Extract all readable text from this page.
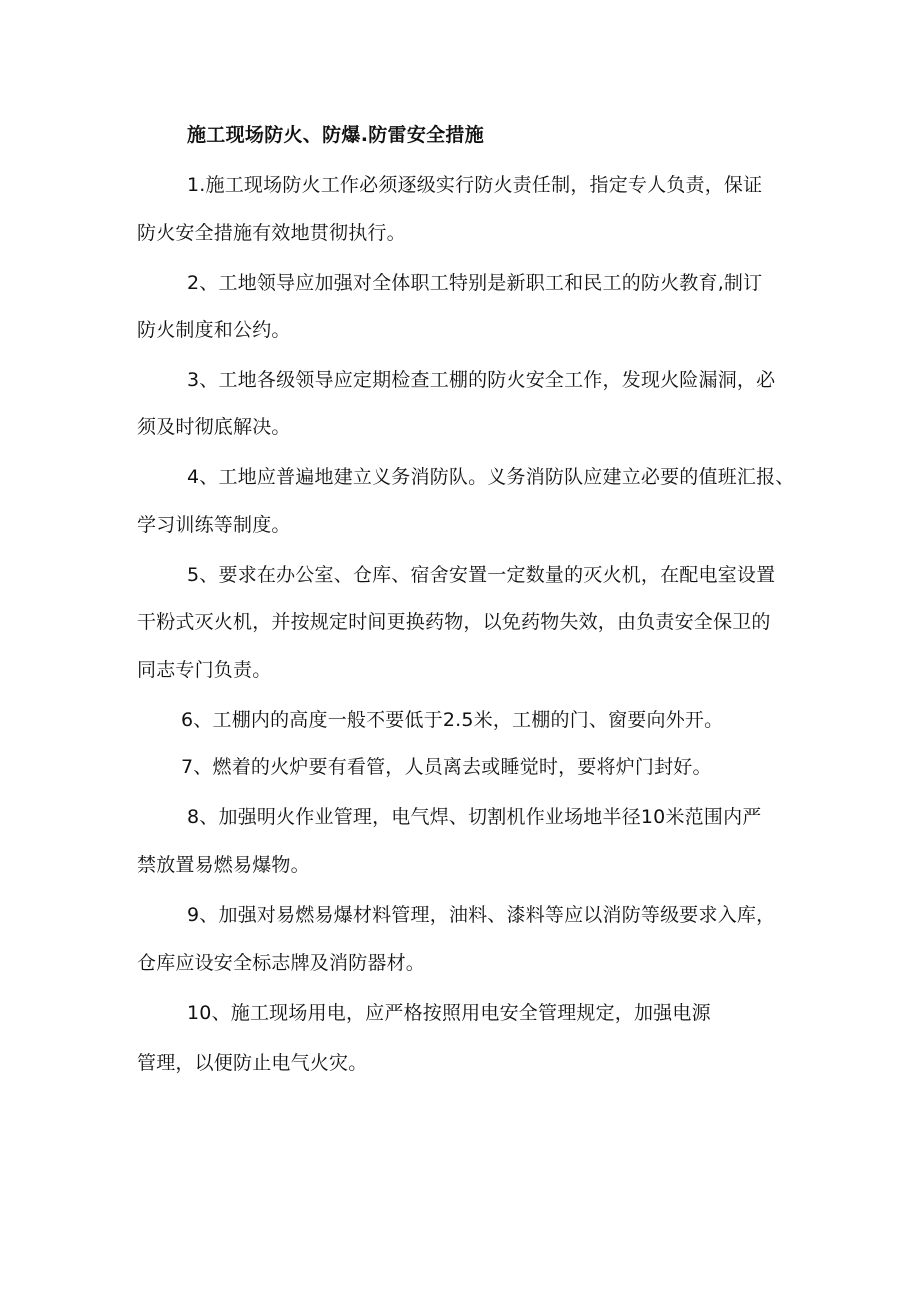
施工现场防火、防爆.防雷安全措施
1.施工现场防火工作必须逐级实行防火责任制，指定专人负责，保证
防火安全措施有效地贯彻执行。
2、工地领导应加强对全体职工特别是新职工和民工的防火教育,制订
防火制度和公约。
3、工地各级领导应定期检查工棚的防火安全工作，发现火险漏洞，必
须及时彻底解决。
4、工地应普遍地建立义务消防队。义务消防队应建立必要的值班汇报、
学习训练等制度。
5、要求在办公室、仓库、宿舍安置一定数量的灭火机，在配电室设置
干粉式灭火机，并按规定时间更换药物，以免药物失效，由负责安全保卫的
同志专门负责。
6、工棚内的高度一般不要低于2.5米，工棚的门、窗要向外开。
7、燃着的火炉要有看管，人员离去或睡觉时，要将炉门封好。
8、加强明火作业管理，电气焊、切割机作业场地半径10米范围内严
禁放置易燃易爆物。
9、加强对易燃易爆材料管理，油料、漆料等应以消防等级要求入库，
仓库应设安全标志牌及消防器材。
10、施工现场用电，应严格按照用电安全管理规定，加强电源
管理，以便防止电气火灾。
